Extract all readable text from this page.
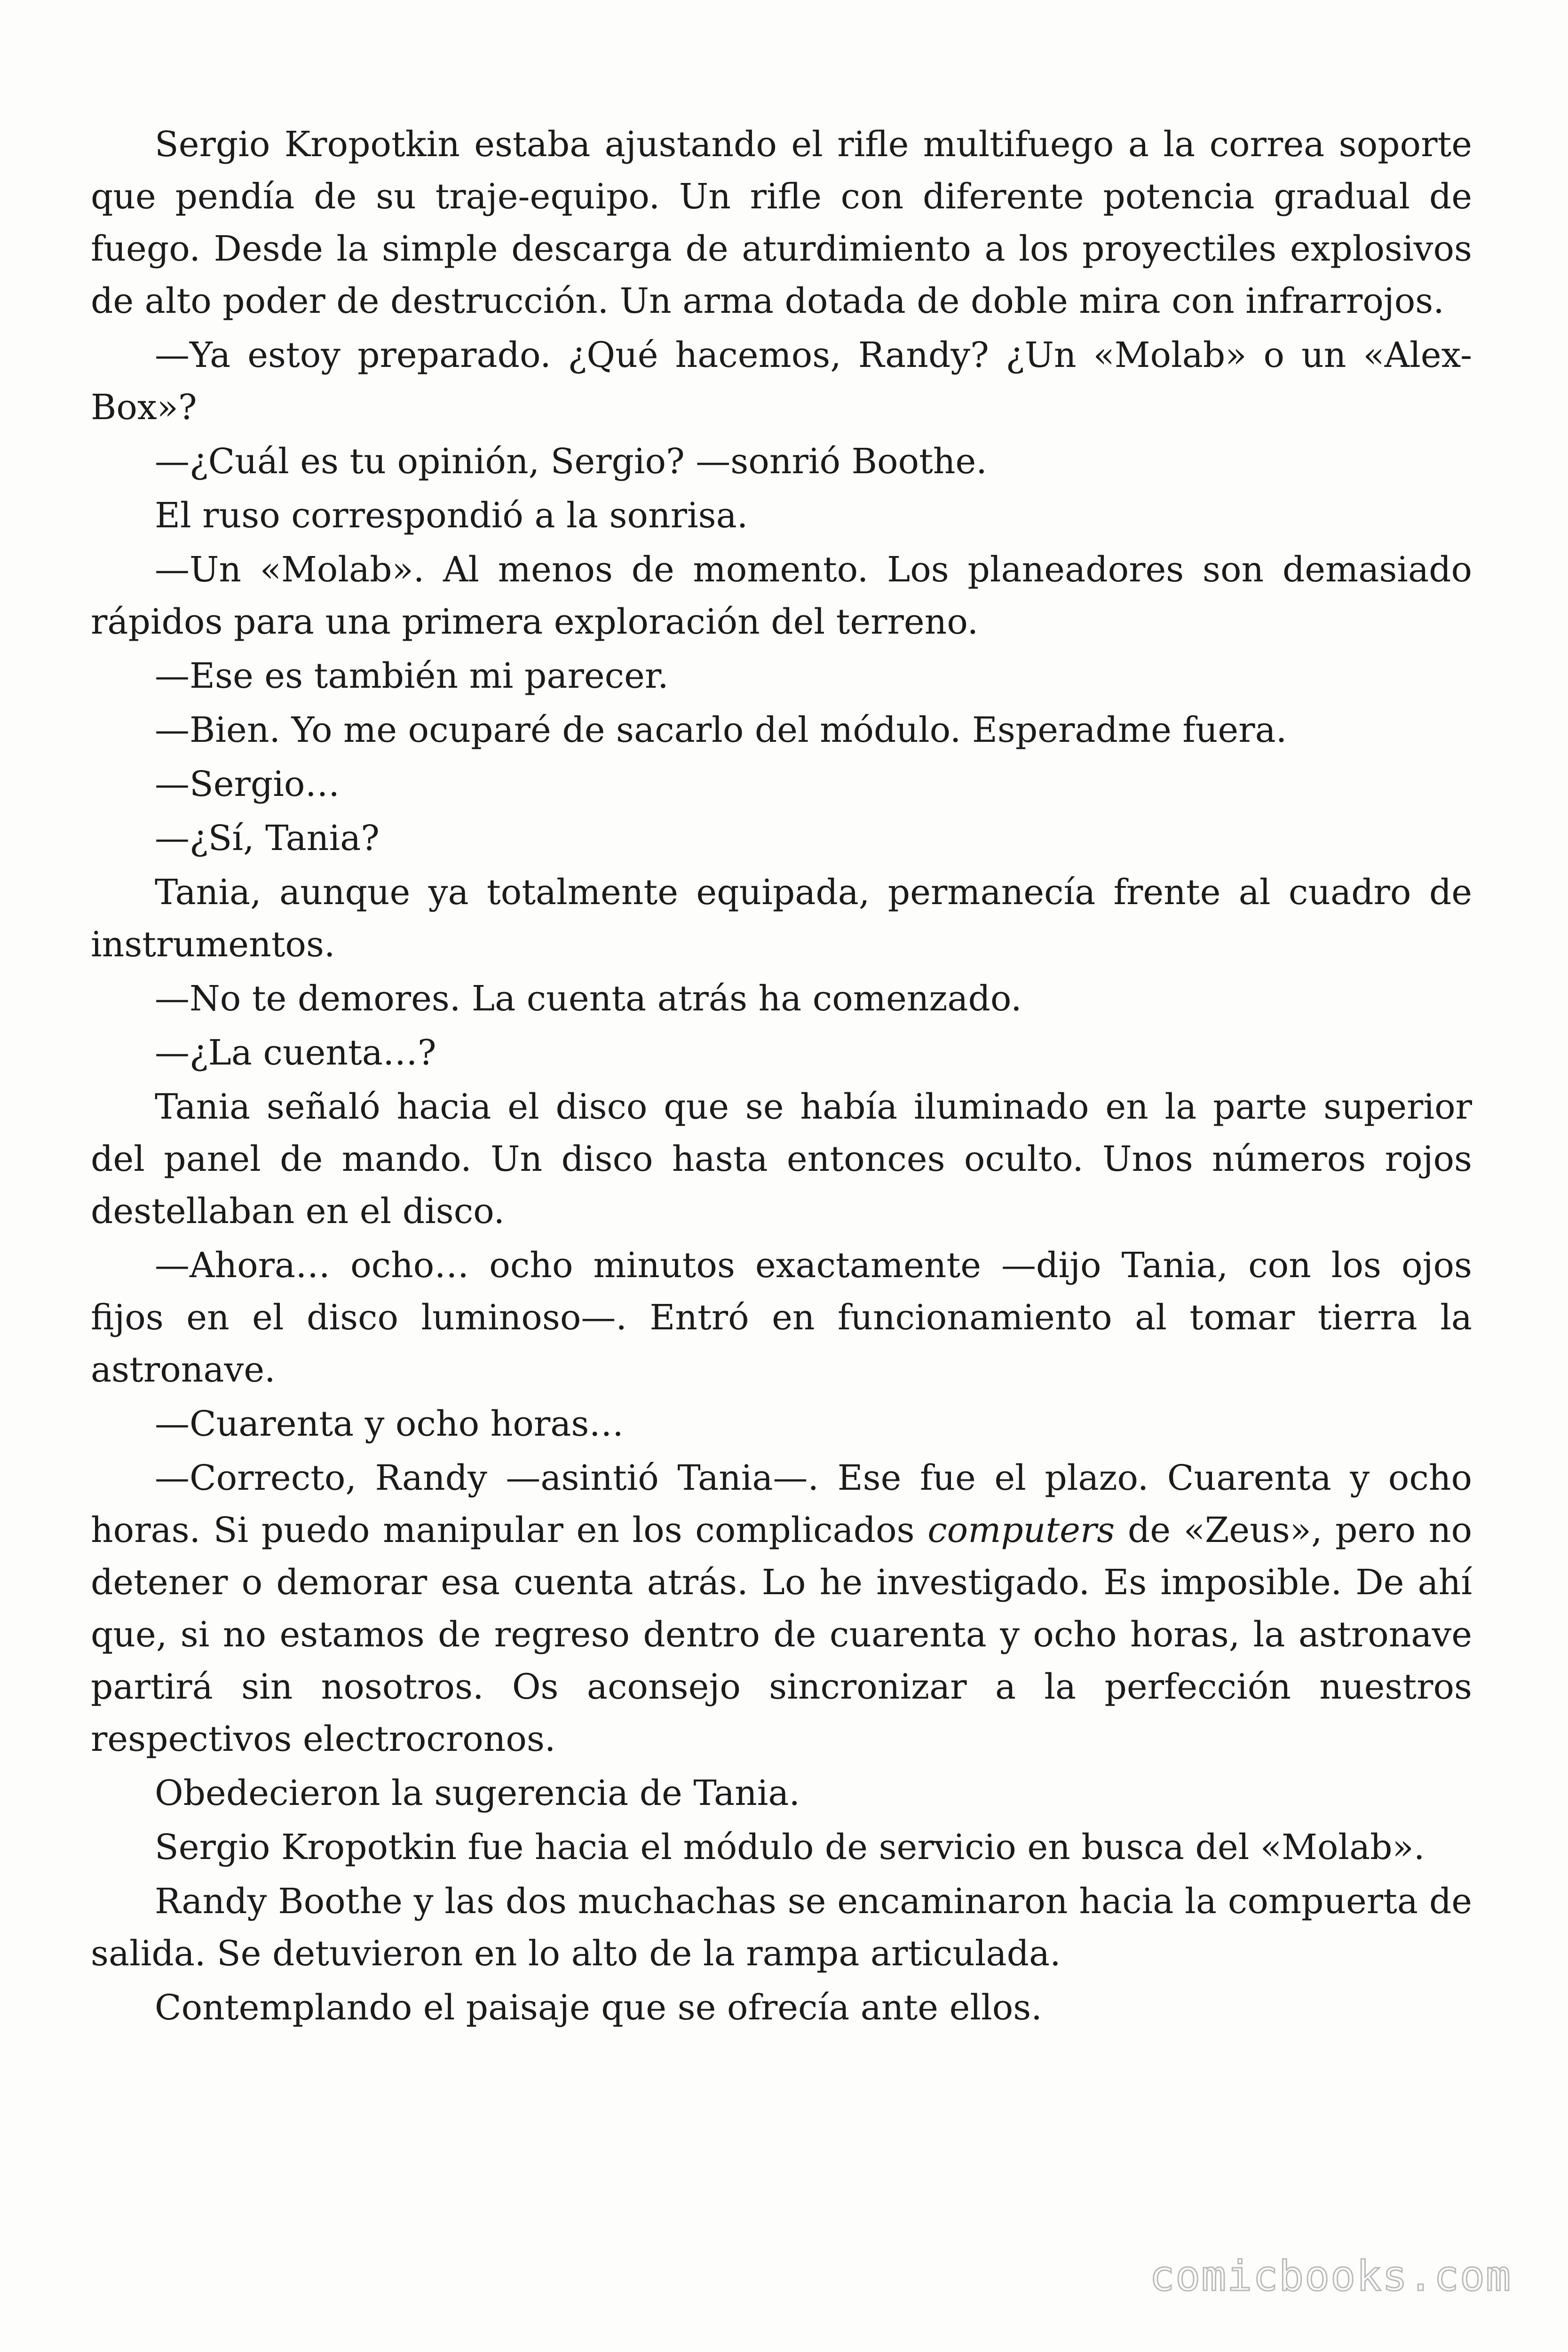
Sergio Kropotkin estaba ajustando el rifle multifuego a la correa soporte que pendía de su traje-equipo. Un rifle con diferente potencia gradual de fuego. Desde la simple descarga de aturdimiento a los proyectiles explosivos de alto poder de destrucción. Un arma dotada de doble mira con infrarrojos.

—Ya estoy preparado. ¿Qué hacemos, Randy? ¿Un «Molab» o un «Alex-Box»?

—¿Cuál es tu opinión, Sergio? —sonrió Boothe.

El ruso correspondió a la sonrisa.

—Un «Molab». Al menos de momento. Los planeadores son demasiado rápidos para una primera exploración del terreno.

—Ese es también mi parecer.

—Bien. Yo me ocuparé de sacarlo del módulo. Esperadme fuera.

—Sergio…

—¿Sí, Tania?

Tania, aunque ya totalmente equipada, permanecía frente al cuadro de instrumentos.

—No te demores. La cuenta atrás ha comenzado.

—¿La cuenta…?

Tania señaló hacia el disco que se había iluminado en la parte superior del panel de mando. Un disco hasta entonces oculto. Unos números rojos destellaban en el disco.

—Ahora… ocho… ocho minutos exactamente —dijo Tania, con los ojos fijos en el disco luminoso—. Entró en funcionamiento al tomar tierra la astronave.

—Cuarenta y ocho horas…

—Correcto, Randy —asintió Tania—. Ese fue el plazo. Cuarenta y ocho horas. Si puedo manipular en los complicados computers de «Zeus», pero no detener o demorar esa cuenta atrás. Lo he investigado. Es imposible. De ahí que, si no estamos de regreso dentro de cuarenta y ocho horas, la astronave partirá sin nosotros. Os aconsejo sincronizar a la perfección nuestros respectivos electrocronos.

Obedecieron la sugerencia de Tania.

Sergio Kropotkin fue hacia el módulo de servicio en busca del «Molab».

Randy Boothe y las dos muchachas se encaminaron hacia la compuerta de salida. Se detuvieron en lo alto de la rampa articulada.

Contemplando el paisaje que se ofrecía ante ellos.

comicbooks.com
